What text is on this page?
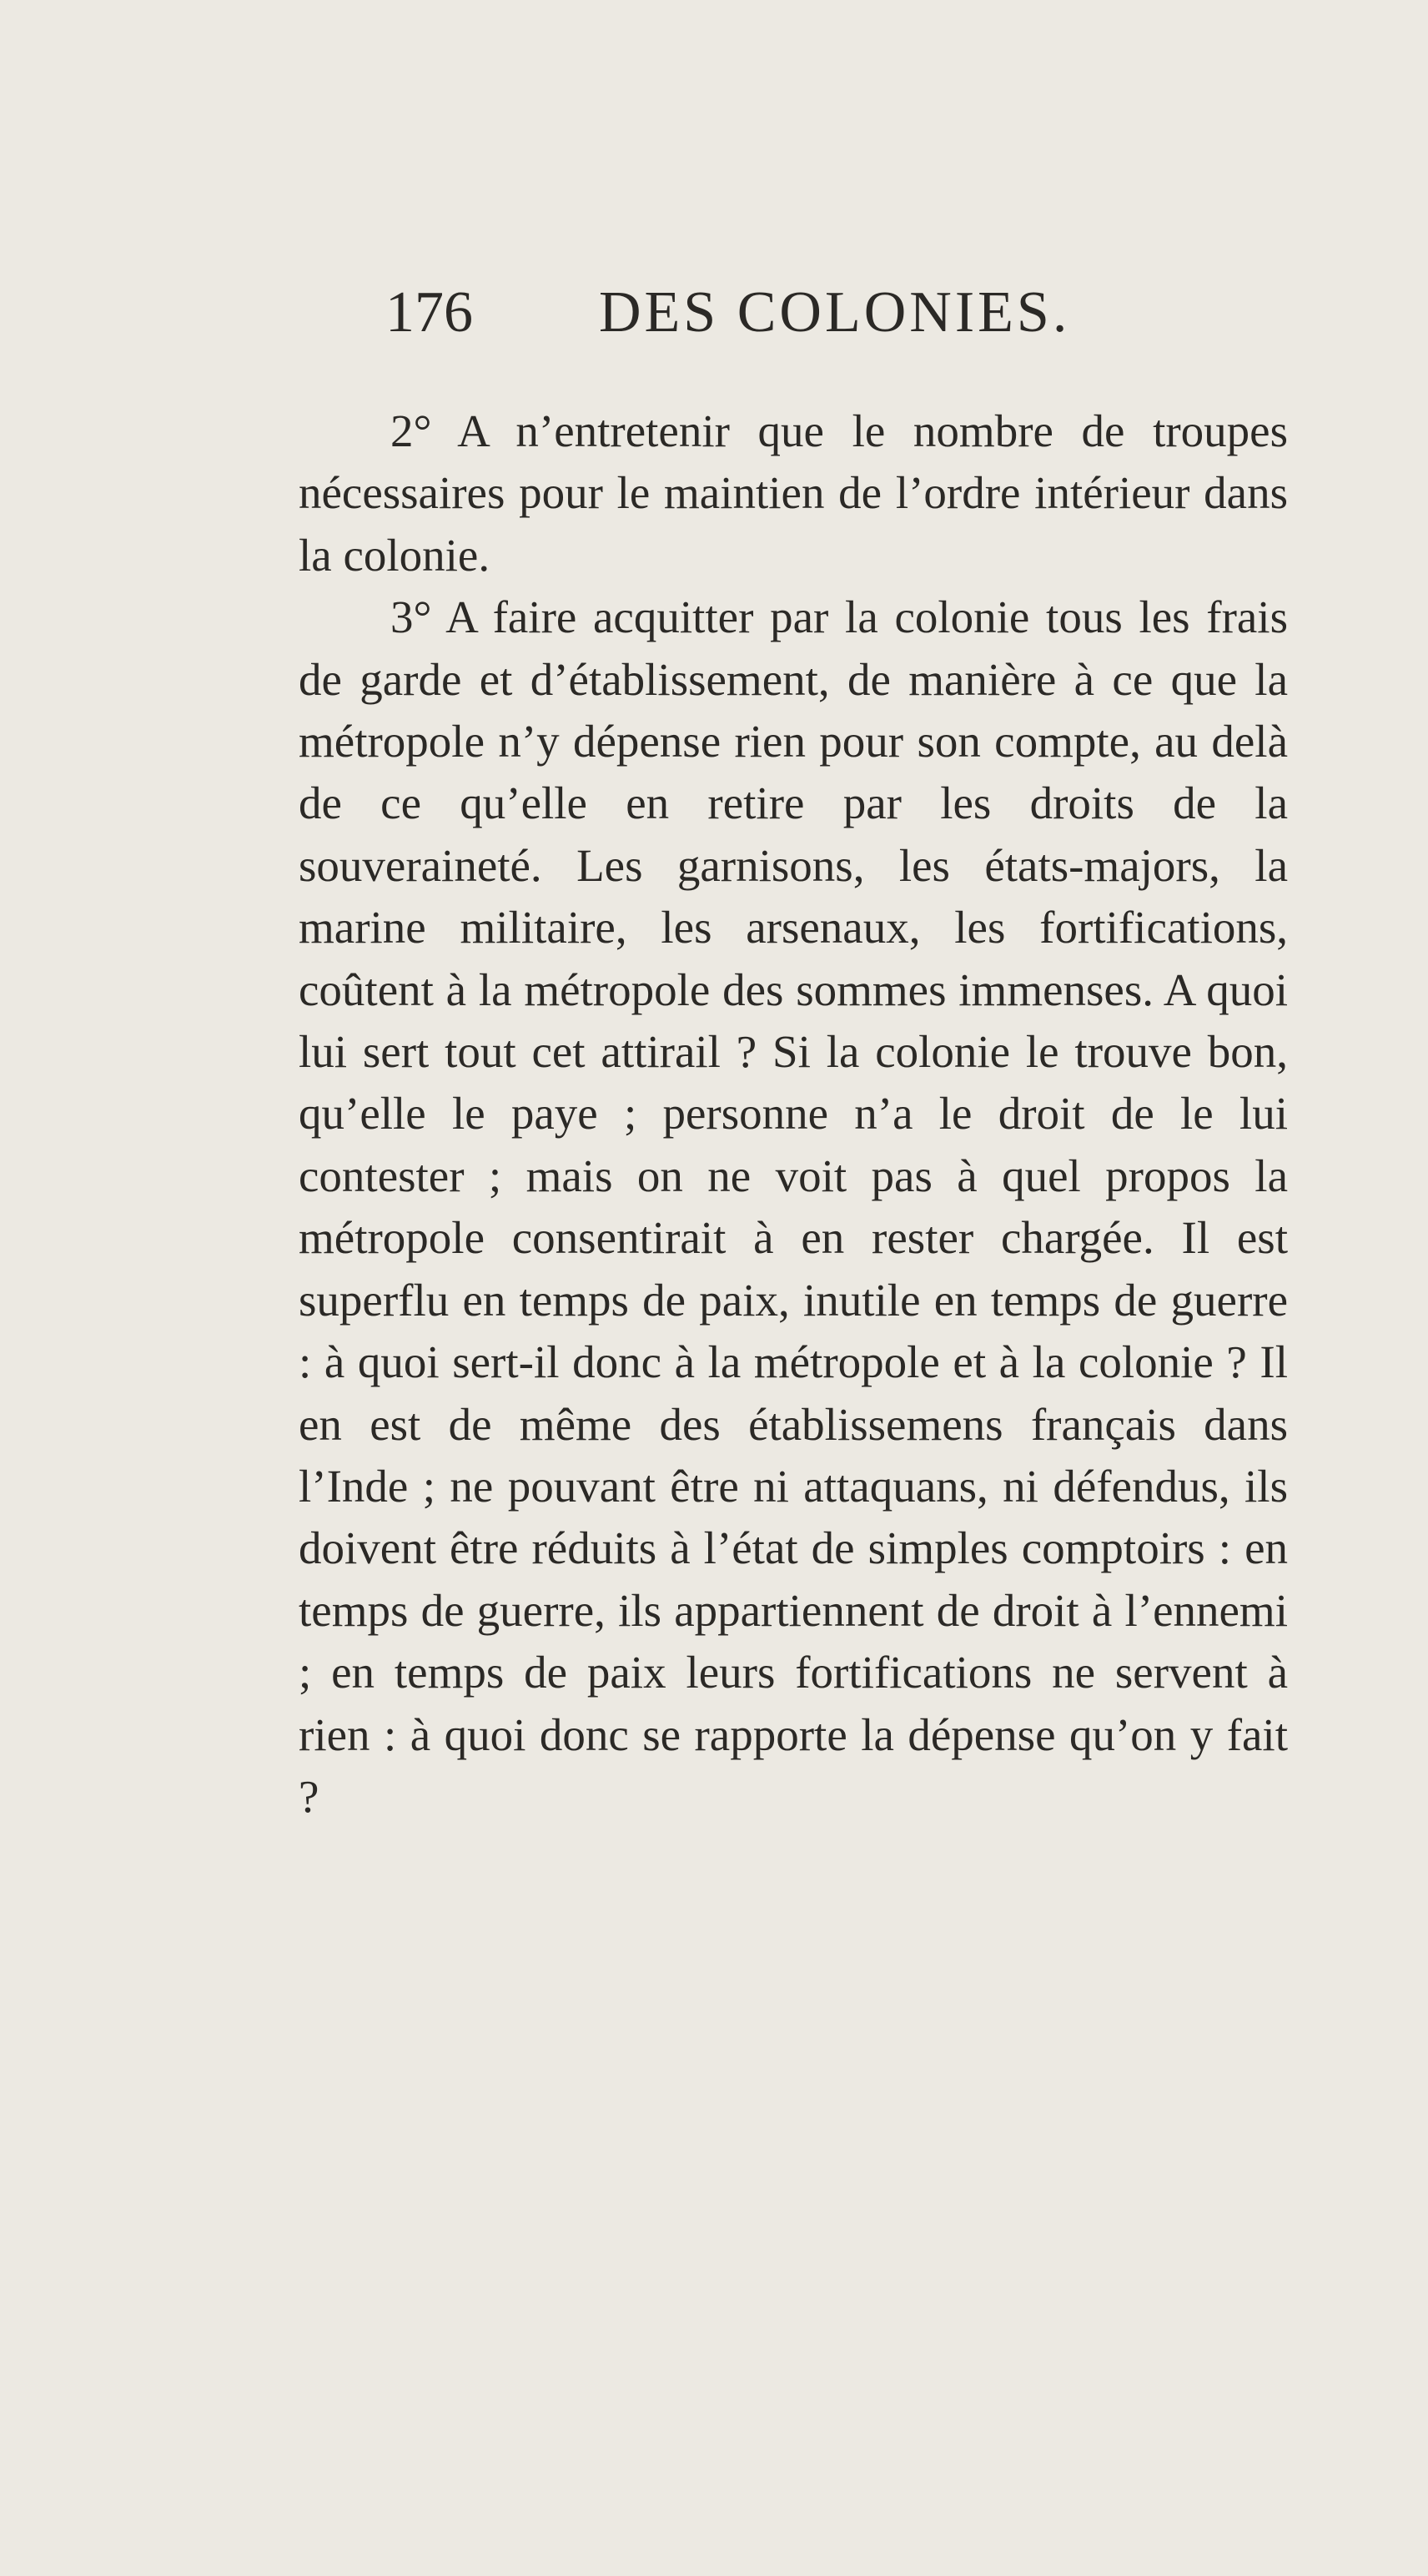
176 DES COLONIES.

2° A n’entretenir que le nombre de troupes nécessaires pour le maintien de l’ordre intérieur dans la colonie.

3° A faire acquitter par la colonie tous les frais de garde et d’établissement, de manière à ce que la métropole n’y dépense rien pour son compte, au delà de ce qu’elle en retire par les droits de la souveraineté. Les garnisons, les états-majors, la marine militaire, les arsenaux, les fortifications, coûtent à la métropole des sommes immenses. A quoi lui sert tout cet attirail ? Si la colonie le trouve bon, qu’elle le paye ; personne n’a le droit de le lui contester ; mais on ne voit pas à quel propos la métropole consentirait à en rester chargée. Il est superflu en temps de paix, inutile en temps de guerre : à quoi sert-il donc à la métropole et à la colonie ? Il en est de même des établissemens français dans l’Inde ; ne pouvant être ni attaquans, ni défendus, ils doivent être réduits à l’état de simples comptoirs : en temps de guerre, ils appartiennent de droit à l’ennemi ; en temps de paix leurs fortifications ne servent à rien : à quoi donc se rapporte la dépense qu’on y fait ?
